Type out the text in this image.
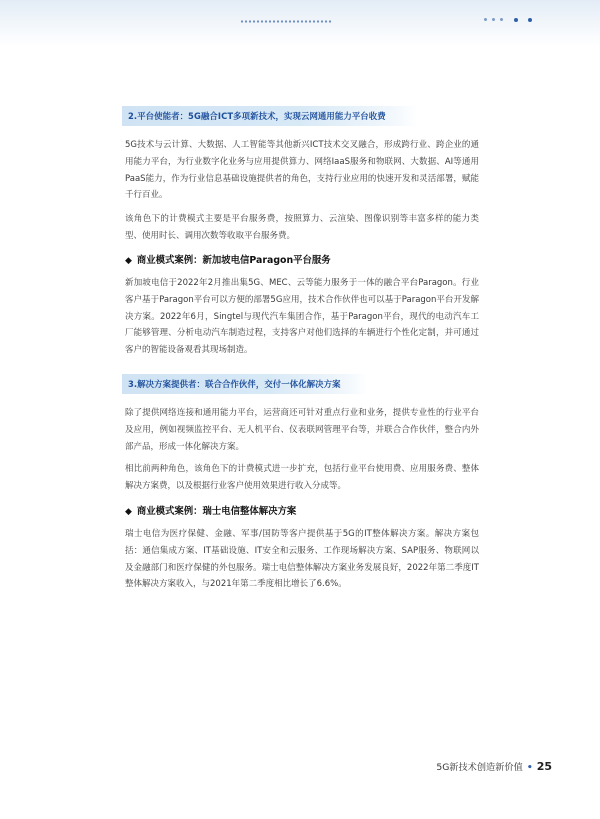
2.平台使能者：5G融合ICT多项新技术，实现云网通用能力平台收费

5G技术与云计算、大数据、人工智能等其他新兴ICT技术交叉融合，形成跨行业、跨企业的通用能力平台，为行业数字化业务与应用提供算力、网络IaaS服务和物联网、大数据、AI等通用PaaS能力，作为行业信息基础设施提供者的角色，支持行业应用的快速开发和灵活部署，赋能千行百业。

该角色下的计费模式主要是平台服务费，按照算力、云渲染、图像识别等丰富多样的能力类型、使用时长、调用次数等收取平台服务费。

◆ 商业模式案例：新加坡电信Paragon平台服务

新加坡电信于2022年2月推出集5G、MEC、云等能力服务于一体的融合平台Paragon。行业客户基于Paragon平台可以方便的部署5G应用，技术合作伙伴也可以基于Paragon平台开发解决方案。2022年6月，Singtel与现代汽车集团合作，基于Paragon平台，现代的电动汽车工厂能够管理、分析电动汽车制造过程，支持客户对他们选择的车辆进行个性化定制，并可通过客户的智能设备观看其现场制造。

3.解决方案提供者：联合合作伙伴，交付一体化解决方案

除了提供网络连接和通用能力平台，运营商还可针对重点行业和业务，提供专业性的行业平台及应用，例如视频监控平台、无人机平台、仪表联网管理平台等，并联合合作伙伴，整合内外部产品，形成一体化解决方案。

相比前两种角色，该角色下的计费模式进一步扩充，包括行业平台使用费、应用服务费、整体解决方案费，以及根据行业客户使用效果进行收入分成等。

◆ 商业模式案例：瑞士电信整体解决方案

瑞士电信为医疗保健、金融、军事/国防等客户提供基于5G的IT整体解决方案。解决方案包括：通信集成方案、IT基础设施、IT安全和云服务、工作现场解决方案、SAP服务、物联网以及金融部门和医疗保健的外包服务。瑞士电信整体解决方案业务发展良好，2022年第二季度IT整体解决方案收入，与2021年第二季度相比增长了6.6%。

5G新技术创造新价值 • 25
